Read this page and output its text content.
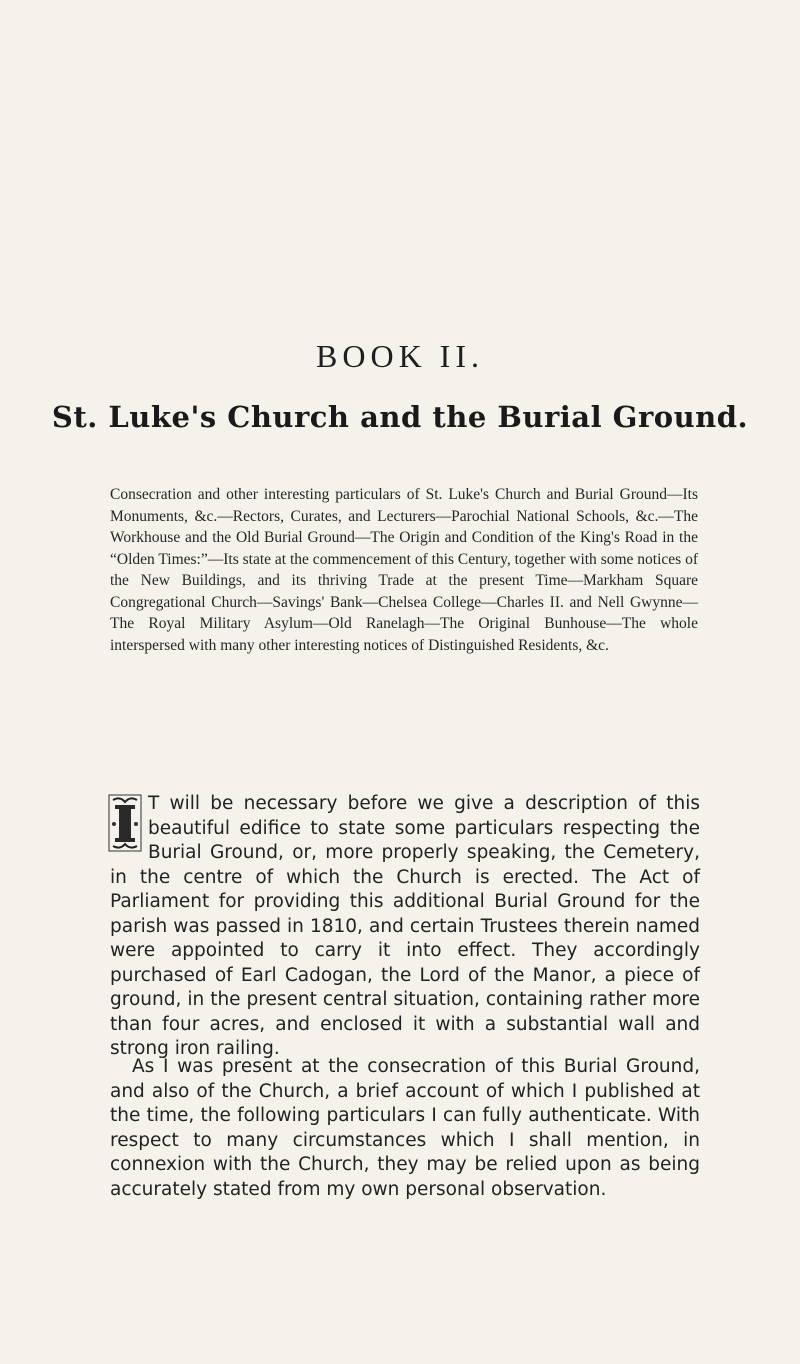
BOOK II.
St. Luke's Church and the Burial Ground.
Consecration and other interesting particulars of St. Luke's Church and Burial Ground—Its Monuments, &c.—Rectors, Curates, and Lecturers—Parochial National Schools, &c.—The Workhouse and the Old Burial Ground—The Origin and Condition of the King's Road in the “Olden Times:”—Its state at the commencement of this Century, together with some notices of the New Buildings, and its thriving Trade at the present Time—Markham Square Congregational Church—Savings' Bank—Chelsea College—Charles II. and Nell Gwynne—The Royal Military Asylum—Old Ranelagh—The Original Bunhouse—The whole interspersed with many other interesting notices of Distinguished Residents, &c.
T will be necessary before we give a description of this beautiful edifice to state some particulars respecting the Burial Ground, or, more properly speaking, the Cemetery, in the centre of which the Church is erected. The Act of Parliament for providing this additional Burial Ground for the parish was passed in 1810, and certain Trustees therein named were appointed to carry it into effect. They accordingly purchased of Earl Cadogan, the Lord of the Manor, a piece of ground, in the present central situation, containing rather more than four acres, and enclosed it with a substantial wall and strong iron railing.
As I was present at the consecration of this Burial Ground, and also of the Church, a brief account of which I published at the time, the following particulars I can fully authenticate. With respect to many circumstances which I shall mention, in connexion with the Church, they may be relied upon as being accurately stated from my own personal observation.
